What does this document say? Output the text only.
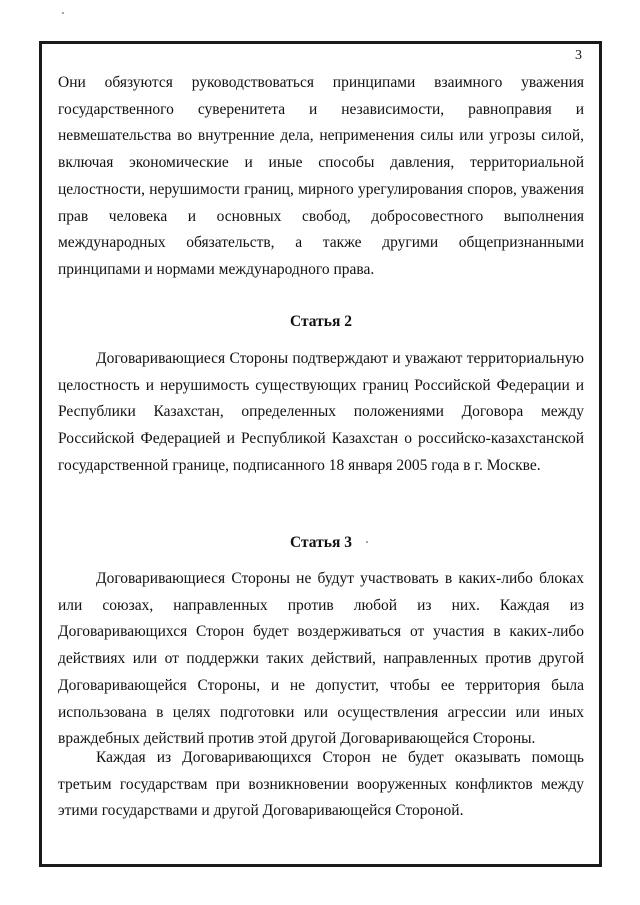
3

Они обязуются руководствоваться принципами взаимного уважения государственного суверенитета и независимости, равноправия и невмешательства во внутренние дела, неприменения силы или угрозы силой, включая экономические и иные способы давления, территориальной целостности, нерушимости границ, мирного урегулирования споров, уважения прав человека и основных свобод, добросовестного выполнения международных обязательств, а также другими общепризнанными принципами и нормами международного права.

Статья 2

Договаривающиеся Стороны подтверждают и уважают территориальную целостность и нерушимость существующих границ Российской Федерации и Республики Казахстан, определенных положениями Договора между Российской Федерацией и Республикой Казахстан о российско-казахстанской государственной границе, подписанного 18 января 2005 года в г. Москве.

Статья 3

Договаривающиеся Стороны не будут участвовать в каких-либо блоках или союзах, направленных против любой из них. Каждая из Договаривающихся Сторон будет воздерживаться от участия в каких-либо действиях или от поддержки таких действий, направленных против другой Договаривающейся Стороны, и не допустит, чтобы ее территория была использована в целях подготовки или осуществления агрессии или иных враждебных действий против этой другой Договаривающейся Стороны.

Каждая из Договаривающихся Сторон не будет оказывать помощь третьим государствам при возникновении вооруженных конфликтов между этими государствами и другой Договаривающейся Стороной.
